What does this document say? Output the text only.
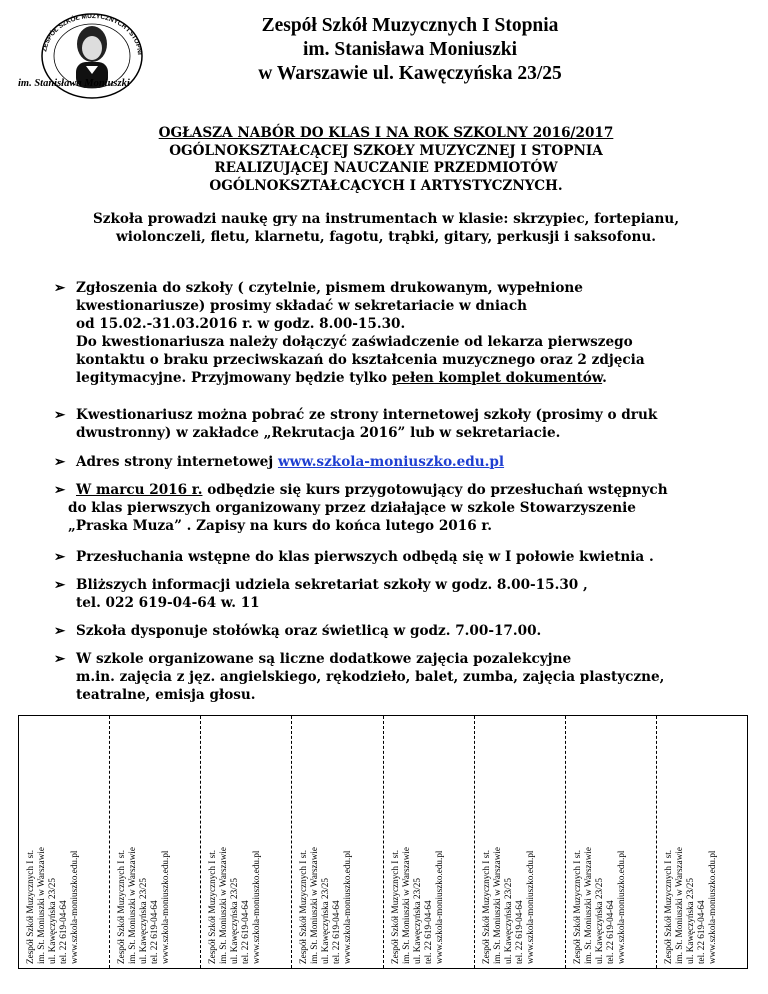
ZESPÓŁ SZKÓŁ MUZYCZNYCH I STOPNI
im. Stanisława Moniuszki
Zespół Szkół Muzycznych I Stopnia
im. Stanisława Moniuszki
w Warszawie ul. Kawęczyńska 23/25
OGŁASZA NABÓR DO KLAS I NA ROK SZKOLNY 2016/2017
OGÓLNOKSZTAŁCĄCEJ SZKOŁY MUZYCZNEJ I STOPNIA
REALIZUJĄCEJ NAUCZANIE PRZEDMIOTÓW
OGÓLNOKSZTAŁCĄCYCH I ARTYSTYCZNYCH.
Szkoła prowadzi naukę gry na instrumentach w klasie: skrzypiec, fortepianu, wiolonczeli, fletu, klarnetu, fagotu, trąbki, gitary, perkusji i saksofonu.
➢ Zgłoszenia do szkoły ( czytelnie, pismem drukowanym, wypełnione
kwestionariusze) prosimy składać w sekretariacie w dniach
od 15.02.-31.03.2016 r. w godz. 8.00-15.30.
Do kwestionariusza należy dołączyć zaświadczenie od lekarza pierwszego
kontaktu o braku przeciwskazań do kształcenia muzycznego oraz 2 zdjęcia
legitymacyjne. Przyjmowany będzie tylko pełen komplet dokumentów.
➢ Kwestionariusz można pobrać ze strony internetowej szkoły (prosimy o druk
dwustronny) w zakładce „Rekrutacja 2016” lub w sekretariacie.
➢ Adres strony internetowej www.szkola-moniuszko.edu.pl
➢ W marcu 2016 r. odbędzie się kurs przygotowujący do przesłuchań wstępnych
do klas pierwszych organizowany przez działające w szkole Stowarzyszenie
„Praska Muza” . Zapisy na kurs do końca lutego 2016 r.
➢ Przesłuchania wstępne do klas pierwszych odbędą się w I połowie kwietnia .
➢ Bliższych informacji udziela sekretariat szkoły w godz. 8.00-15.30 ,
tel. 022 619-04-64 w. 11
➢ Szkoła dysponuje stołówką oraz świetlicą w godz. 7.00-17.00.
➢ W szkole organizowane są liczne dodatkowe zajęcia pozalekcyjne
m.in. zajęcia z jęz. angielskiego, rękodzieło, balet, zumba, zajęcia plastyczne,
teatralne, emisja głosu.
Zespół Szkół Muzycznych I st. im. St. Moniuszki w Warszawie ul. Kawęczyńska 23/25 tel. 22 619-04-64 www.szkola-moniuszko.edu.pl	Zespół Szkół Muzycznych I st. im. St. Moniuszki w Warszawie ul. Kawęczyńska 23/25 tel. 22 619-04-64 www.szkola-moniuszko.edu.pl	Zespół Szkół Muzycznych I st. im. St. Moniuszki w Warszawie ul. Kawęczyńska 23/25 tel. 22 619-04-64 www.szkola-moniuszko.edu.pl	Zespół Szkół Muzycznych I st. im. St. Moniuszki w Warszawie ul. Kawęczyńska 23/25 tel. 22 619-04-64 www.szkola-moniuszko.edu.pl	Zespół Szkół Muzycznych I st. im. St. Moniuszki w Warszawie ul. Kawęczyńska 23/25 tel. 22 619-04-64 www.szkola-moniuszko.edu.pl	Zespół Szkół Muzycznych I st. im. St. Moniuszki w Warszawie ul. Kawęczyńska 23/25 tel. 22 619-04-64 www.szkola-moniuszko.edu.pl	Zespół Szkół Muzycznych I st. im. St. Moniuszki w Warszawie ul. Kawęczyńska 23/25 tel. 22 619-04-64 www.szkola-moniuszko.edu.pl	Zespół Szkół Muzycznych I st. im. St. Moniuszki w Warszawie ul. Kawęczyńska 23/25 tel. 22 619-04-64 www.szkola-moniuszko.edu.pl
